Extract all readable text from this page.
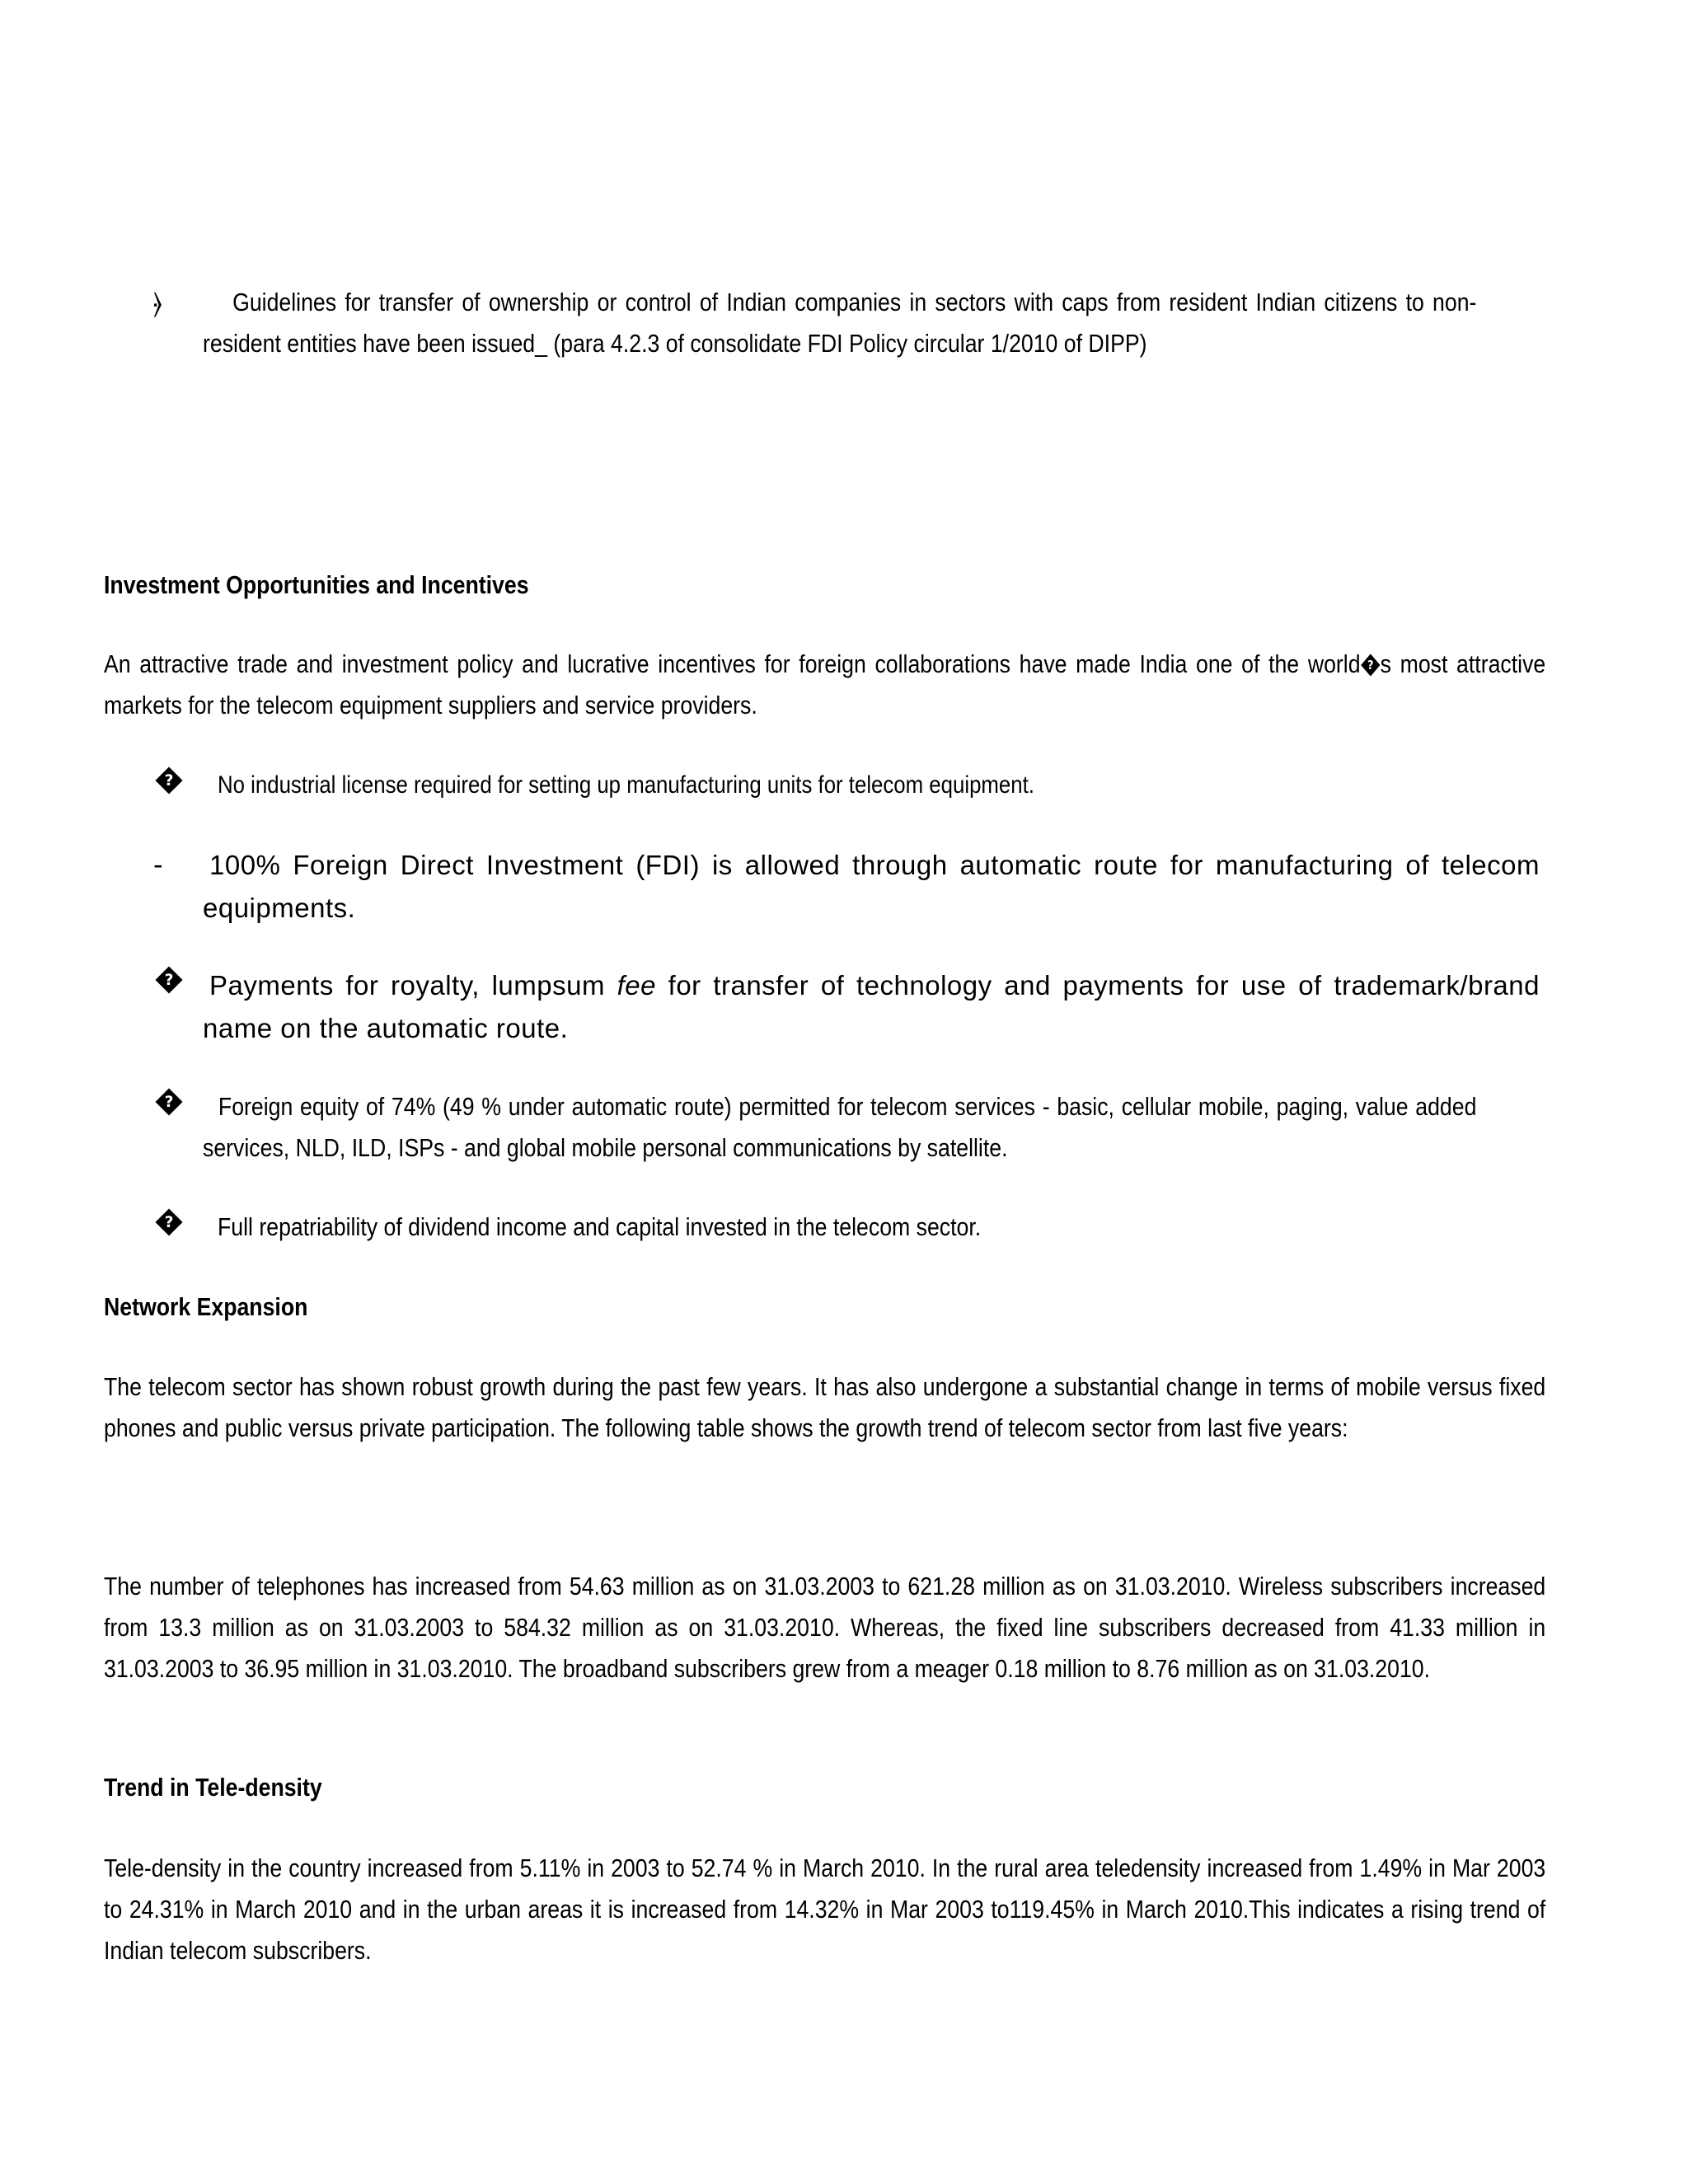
⦒	Guidelines for transfer of ownership or control of Indian companies in sectors with caps from resident Indian citizens to non-resident entities have been issued_ (para 4.2.3 of consolidate FDI Policy circular 1/2010 of DIPP)
Investment Opportunities and Incentives
An attractive trade and investment policy and lucrative incentives for foreign collaborations have made India one of the world ? s most attractive markets for the telecom equipment suppliers and service providers.
? No industrial license required for setting up manufacturing units for telecom equipment.
- 100% Foreign Direct Investment (FDI) is allowed through automatic route for manufacturing of telecom equipments.
? Payments for royalty, lumpsum fee for transfer of technology and payments for use of trademark/brand name on the automatic route.
?	Foreign equity of 74% (49 % under automatic route) permitted for telecom services - basic, cellular mobile, paging, value added services, NLD, ILD, ISPs - and global mobile personal communications by satellite.
? Full repatriability of dividend income and capital invested in the telecom sector.
Network Expansion
The telecom sector has shown robust growth during the past few years. It has also undergone a substantial change in terms of mobile versus fixed phones and public versus private participation. The following table shows the growth trend of telecom sector from last five years:
The number of telephones has increased from 54.63 million as on 31.03.2003 to 621.28 million as on 31.03.2010. Wireless subscribers increased from 13.3 million as on 31.03.2003 to 584.32 million as on 31.03.2010. Whereas, the fixed line subscribers decreased from 41.33 million in 31.03.2003 to 36.95 million in 31.03.2010. The broadband subscribers grew from a meager 0.18 million to 8.76 million as on 31.03.2010.
Trend in Tele-density
Tele-density in the country increased from 5.11% in 2003 to 52.74 % in March 2010. In the rural area teledensity increased from 1.49% in Mar 2003 to 24.31% in March 2010 and in the urban areas it is increased from 14.32% in Mar 2003 to119.45% in March 2010.This indicates a rising trend of Indian telecom subscribers.
